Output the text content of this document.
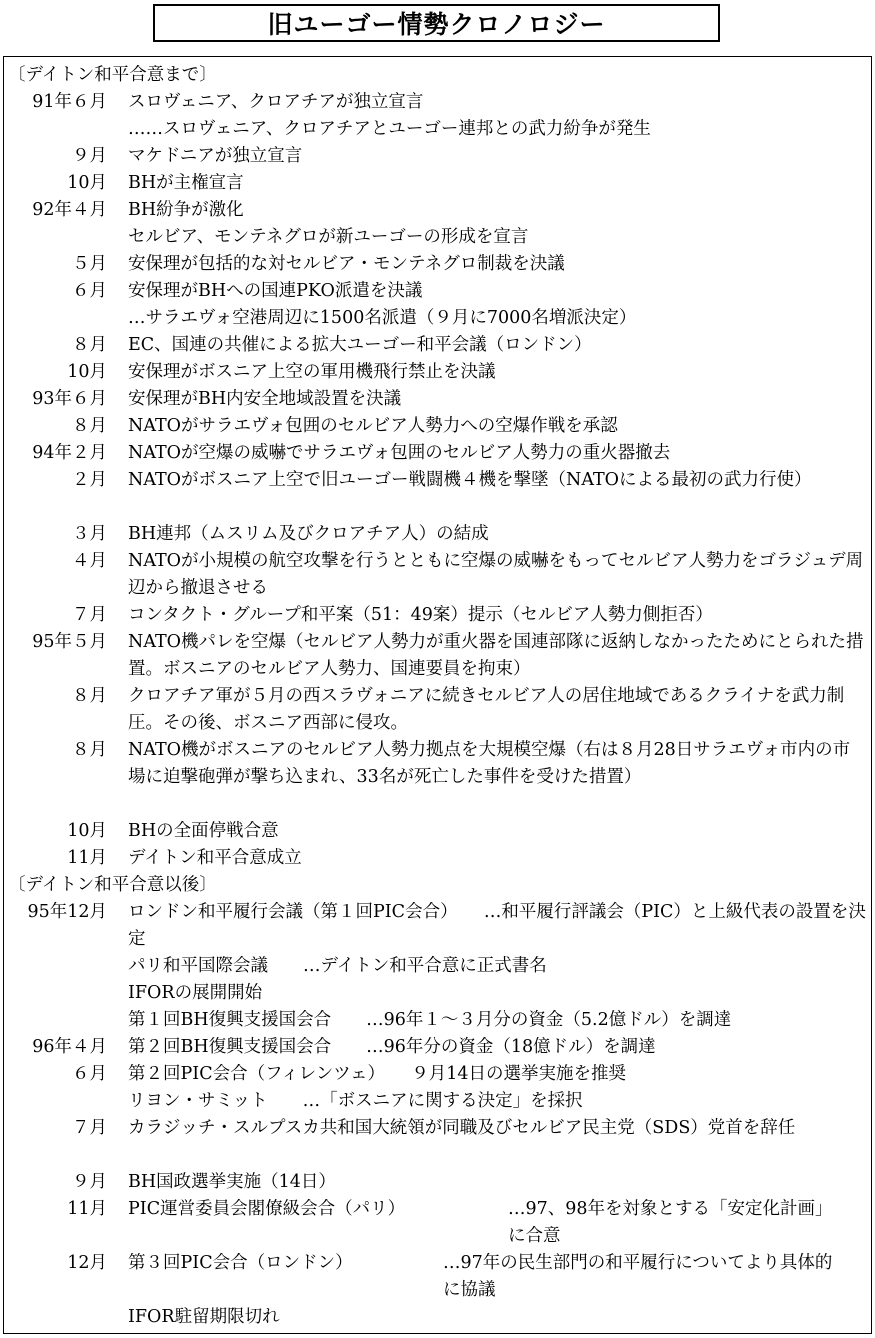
旧ユーゴー情勢クロノロジー
〔デイトン和平合意まで〕
91年６月 スロヴェニア、クロアチアが独立宣言
……スロヴェニア、クロアチアとユーゴー連邦との武力紛争が発生
９月 マケドニアが独立宣言
10月 BHが主権宣言
92年４月 BH紛争が激化
セルビア、モンテネグロが新ユーゴーの形成を宣言
５月 安保理が包括的な対セルビア・モンテネグロ制裁を決議
６月 安保理がBHへの国連PKO派遣を決議
…サラエヴォ空港周辺に1500名派遣（９月に7000名増派決定）
８月 EC、国連の共催による拡大ユーゴー和平会議（ロンドン）
10月 安保理がボスニア上空の軍用機飛行禁止を決議
93年６月 安保理がBH内安全地域設置を決議
８月 NATOがサラエヴォ包囲のセルビア人勢力への空爆作戦を承認
94年２月 NATOが空爆の威嚇でサラエヴォ包囲のセルビア人勢力の重火器撤去
２月 NATOがボスニア上空で旧ユーゴー戦闘機４機を撃墜（NATOによる最初の武力行使）
３月 BH連邦（ムスリム及びクロアチア人）の結成
４月 NATOが小規模の航空攻撃を行うとともに空爆の威嚇をもってセルビア人勢力をゴラジュデ周辺から撤退させる
７月 コンタクト・グループ和平案（51：49案）提示（セルビア人勢力側拒否）
95年５月 NATO機パレを空爆（セルビア人勢力が重火器を国連部隊に返納しなかったためにとられた措置。ボスニアのセルビア人勢力、国連要員を拘束）
８月 クロアチア軍が５月の西スラヴォニアに続きセルビア人の居住地域であるクライナを武力制圧。その後、ボスニア西部に侵攻。
８月 NATO機がボスニアのセルビア人勢力拠点を大規模空爆（右は８月28日サラエヴォ市内の市場に迫撃砲弾が撃ち込まれ、33名が死亡した事件を受けた措置）
10月 BHの全面停戦合意
11月 デイトン和平合意成立
〔デイトン和平合意以後〕
95年12月 ロンドン和平履行会議（第１回PIC会合）　　…和平履行評議会（PIC）と上級代表の設置を決定
パリ和平国際会議　　…デイトン和平合意に正式書名
IFORの展開開始
第１回BH復興支援国会合　　…96年１～３月分の資金（5.2億ドル）を調達
96年４月 第２回BH復興支援国会合　　…96年分の資金（18億ドル）を調達
６月 第２回PIC会合（フィレンツェ）　　９月14日の選挙実施を推奨
リヨン・サミット　　…「ボスニアに関する決定」を採択
７月 カラジッチ・スルプスカ共和国大統領が同職及びセルビア民主党（SDS）党首を辞任
９月 BH国政選挙実施（14日）
11月 PIC運営委員会閣僚級会合（パリ）	…97、98年を対象とする「安定化計画」に合意
12月 第３回PIC会合（ロンドン）	…97年の民生部門の和平履行についてより具体的に協議
IFOR駐留期限切れ
